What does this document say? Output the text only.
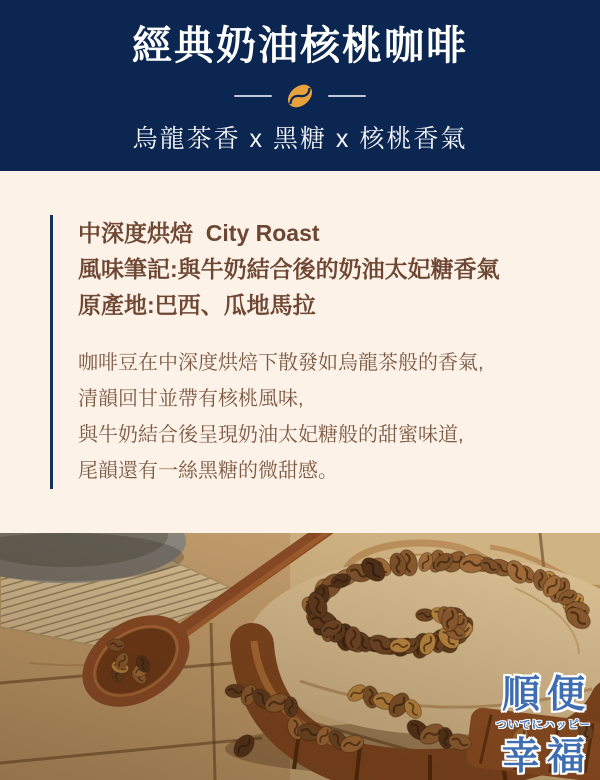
經典奶油核桃咖啡

烏龍茶香 x 黑糖 x 核桃香氣

中深度烘焙  City Roast
風味筆記:與牛奶結合後的奶油太妃糖香氣
原產地:巴西、瓜地馬拉
咖啡豆在中深度烘焙下散發如烏龍茶般的香氣,
清韻回甘並帶有核桃風味,
與牛奶結合後呈現奶油太妃糖般的甜蜜味道,
尾韻還有一絲黑糖的微甜感。
順便
ついでにハッピー
幸福
